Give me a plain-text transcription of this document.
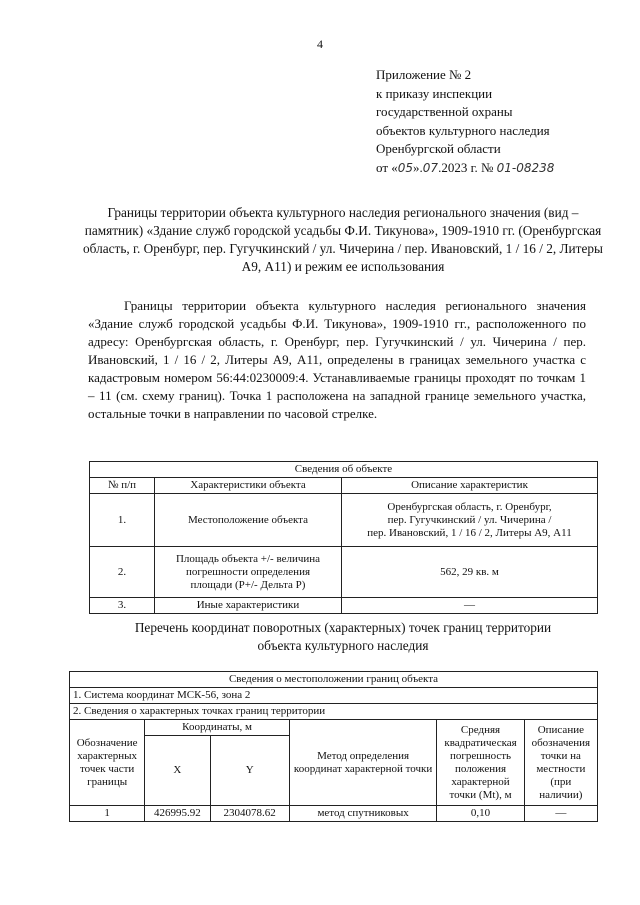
4
Приложение № 2
к приказу инспекции
государственной охраны
объектов культурного наследия
Оренбургской области
от «05».07.2023 г. № 01-08238
Границы территории объекта культурного наследия регионального значения (вид – памятник) «Здание служб городской усадьбы Ф.И. Тикунова», 1909-1910 гг. (Оренбургская область, г. Оренбург, пер. Гугучкинский / ул. Чичерина / пер. Ивановский, 1 / 16 / 2, Литеры А9, А11) и режим ее использования
Границы территории объекта культурного наследия регионального значения «Здание служб городской усадьбы Ф.И. Тикунова», 1909-1910 гг., расположенного по адресу: Оренбургская область, г. Оренбург, пер. Гугучкинский / ул. Чичерина / пер. Ивановский, 1 / 16 / 2, Литеры А9, А11, определены в границах земельного участка с кадастровым номером 56:44:0230009:4. Устанавливаемые границы проходят по точкам 1 – 11 (см. схему границ). Точка 1 расположена на западной границе земельного участка, остальные точки в направлении по часовой стрелке.
Сведения об объекте		
№ п/п	Характеристики объекта	Описание характеристик
1.	Местоположение объекта	Оренбургская область, г. Оренбург,
пер. Гугучкинский / ул. Чичерина /
пер. Ивановский, 1 / 16 / 2, Литеры А9, А11

2.	Площадь объекта +/- величина
погрешности определения
площади (Р+/- Дельта Р)	562, 29 кв. м
3.	Иные характеристики	—
Перечень координат поворотных (характерных) точек границ территории
объекта культурного наследия
Сведения о местоположении границ объекта					
1. Система координат МСК-56, зона 2					
2. Сведения о характерных точках границ территории					
Обозначение характерных точек части границы	Координаты, м		Метод определения координат характерной точки	Средняя квадратическая погрешность положения характерной точки (Mt), м	Описание обозначения точки на местности (при наличии)
	X	Y			
1	426995.92	2304078.62	метод спутниковых	0,10	—
